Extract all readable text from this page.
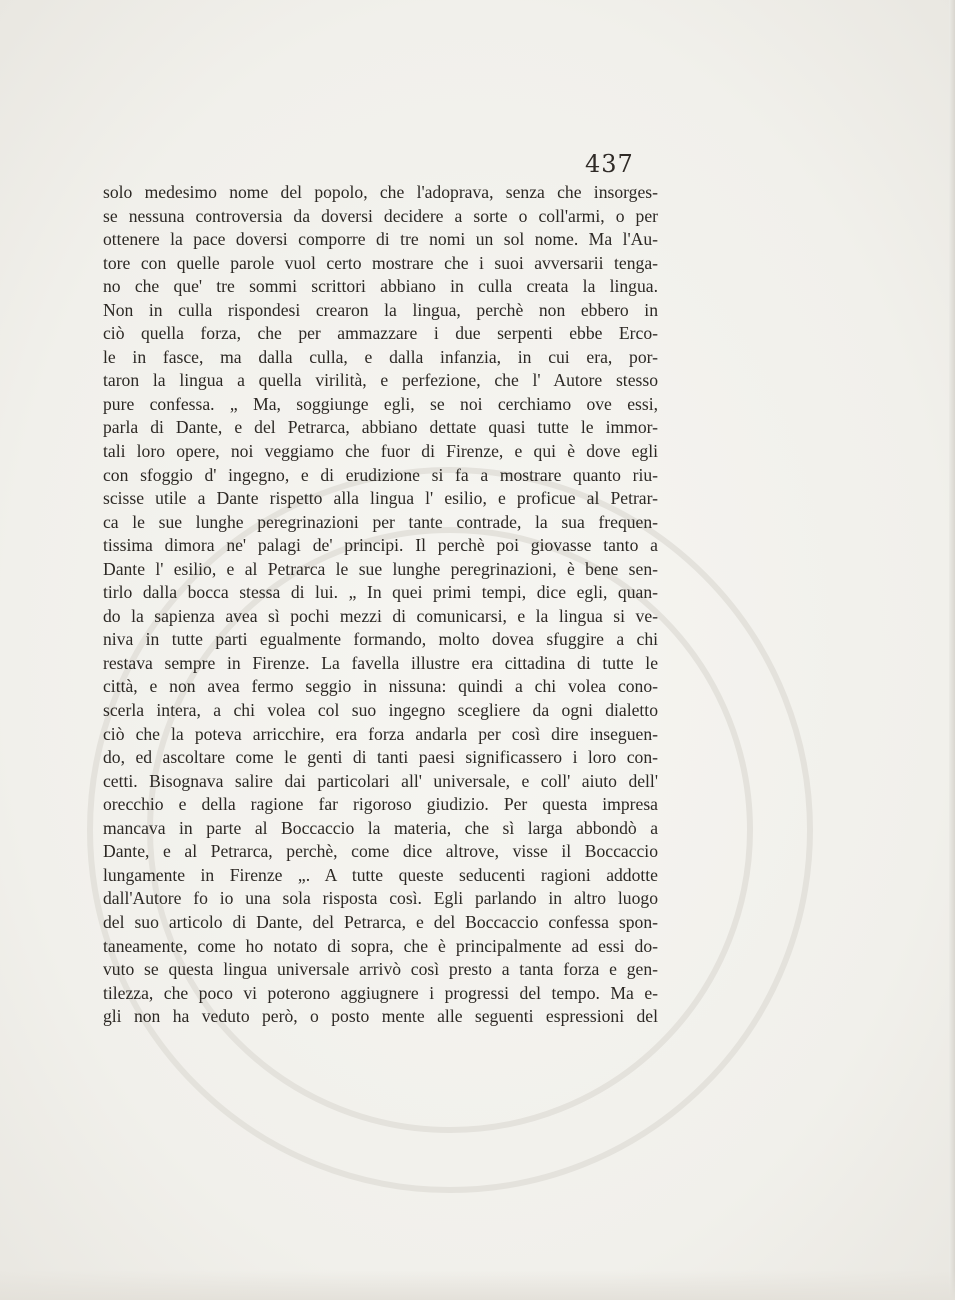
437
solo medesimo nome del popolo, che l'adoprava, senza che insorges-
se nessuna controversia da doversi decidere a sorte o coll'armi, o per
ottenere la pace doversi comporre di tre nomi un sol nome. Ma l'Au-
tore con quelle parole vuol certo mostrare che i suoi avversarii tenga-
no che que' tre sommi scrittori abbiano in culla creata la lingua.
Non in culla rispondesi crearon la lingua, perchè non ebbero in
ciò quella forza, che per ammazzare i due serpenti ebbe Erco-
le in fasce, ma dalla culla, e dalla infanzia, in cui era, por-
taron la lingua a quella virilità, e perfezione, che l' Autore stesso
pure confessa. „ Ma, soggiunge egli, se noi cerchiamo ove essi,
parla di Dante, e del Petrarca, abbiano dettate quasi tutte le immor-
tali loro opere, noi veggiamo che fuor di Firenze, e qui è dove egli
con sfoggio d' ingegno, e di erudizione si fa a mostrare quanto riu-
scisse utile a Dante rispetto alla lingua l' esilio, e proficue al Petrar-
ca le sue lunghe peregrinazioni per tante contrade, la sua frequen-
tissima dimora ne' palagi de' principi. Il perchè poi giovasse tanto a
Dante l' esilio, e al Petrarca le sue lunghe peregrinazioni, è bene sen-
tirlo dalla bocca stessa di lui. „ In quei primi tempi, dice egli, quan-
do la sapienza avea sì pochi mezzi di comunicarsi, e la lingua si ve-
niva in tutte parti egualmente formando, molto dovea sfuggire a chi
restava sempre in Firenze. La favella illustre era cittadina di tutte le
città, e non avea fermo seggio in nissuna: quindi a chi volea cono-
scerla intera, a chi volea col suo ingegno scegliere da ogni dialetto
ciò che la poteva arricchire, era forza andarla per così dire inseguen-
do, ed ascoltare come le genti di tanti paesi significassero i loro con-
cetti. Bisognava salire dai particolari all' universale, e coll' aiuto dell'
orecchio e della ragione far rigoroso giudizio. Per questa impresa
mancava in parte al Boccaccio la materia, che sì larga abbondò a
Dante, e al Petrarca, perchè, come dice altrove, visse il Boccaccio
lungamente in Firenze „. A tutte queste seducenti ragioni addotte
dall'Autore fo io una sola risposta così. Egli parlando in altro luogo
del suo articolo di Dante, del Petrarca, e del Boccaccio confessa spon-
taneamente, come ho notato di sopra, che è principalmente ad essi do-
vuto se questa lingua universale arrivò così presto a tanta forza e gen-
tilezza, che poco vi poterono aggiugnere i progressi del tempo. Ma e-
gli non ha veduto però, o posto mente alle seguenti espressioni del
